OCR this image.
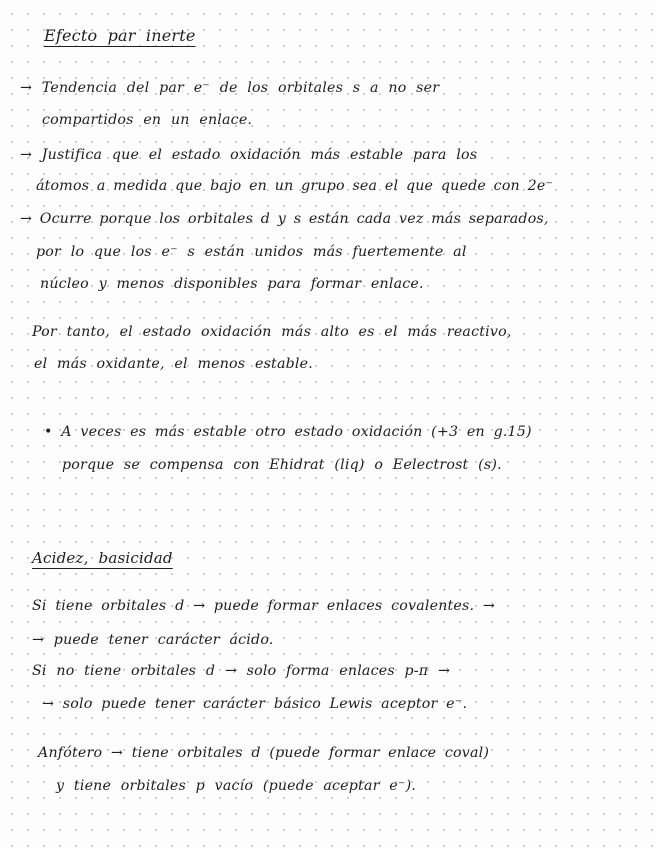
Efecto par inerte
→ Tendencia del par e⁻ de los orbitales s a no ser
compartidos en un enlace.
→ Justifica que el estado oxidación más estable para los
átomos a medida que bajo en un grupo sea el que quede con 2e⁻
→ Ocurre porque los orbitales d y s están cada vez más separados,
por lo que los e⁻ s están unidos más fuertemente al
núcleo y menos disponibles para formar enlace.
Por tanto, el estado oxidación más alto es el más reactivo,
el más oxidante, el menos estable.
• A veces es más estable otro estado oxidación (+3 en g.15)
porque se compensa con Ehidrat (liq) o Eelectrost (s).
Acidez, basicidad
Si tiene orbitales d → puede formar enlaces covalentes. →
→ puede tener carácter ácido.
Si no tiene orbitales d → solo forma enlaces p-π →
→ solo puede tener carácter básico Lewis aceptor e⁻.
Anfótero → tiene orbitales d (puede formar enlace coval)
y tiene orbitales p vacío (puede aceptar e⁻).
